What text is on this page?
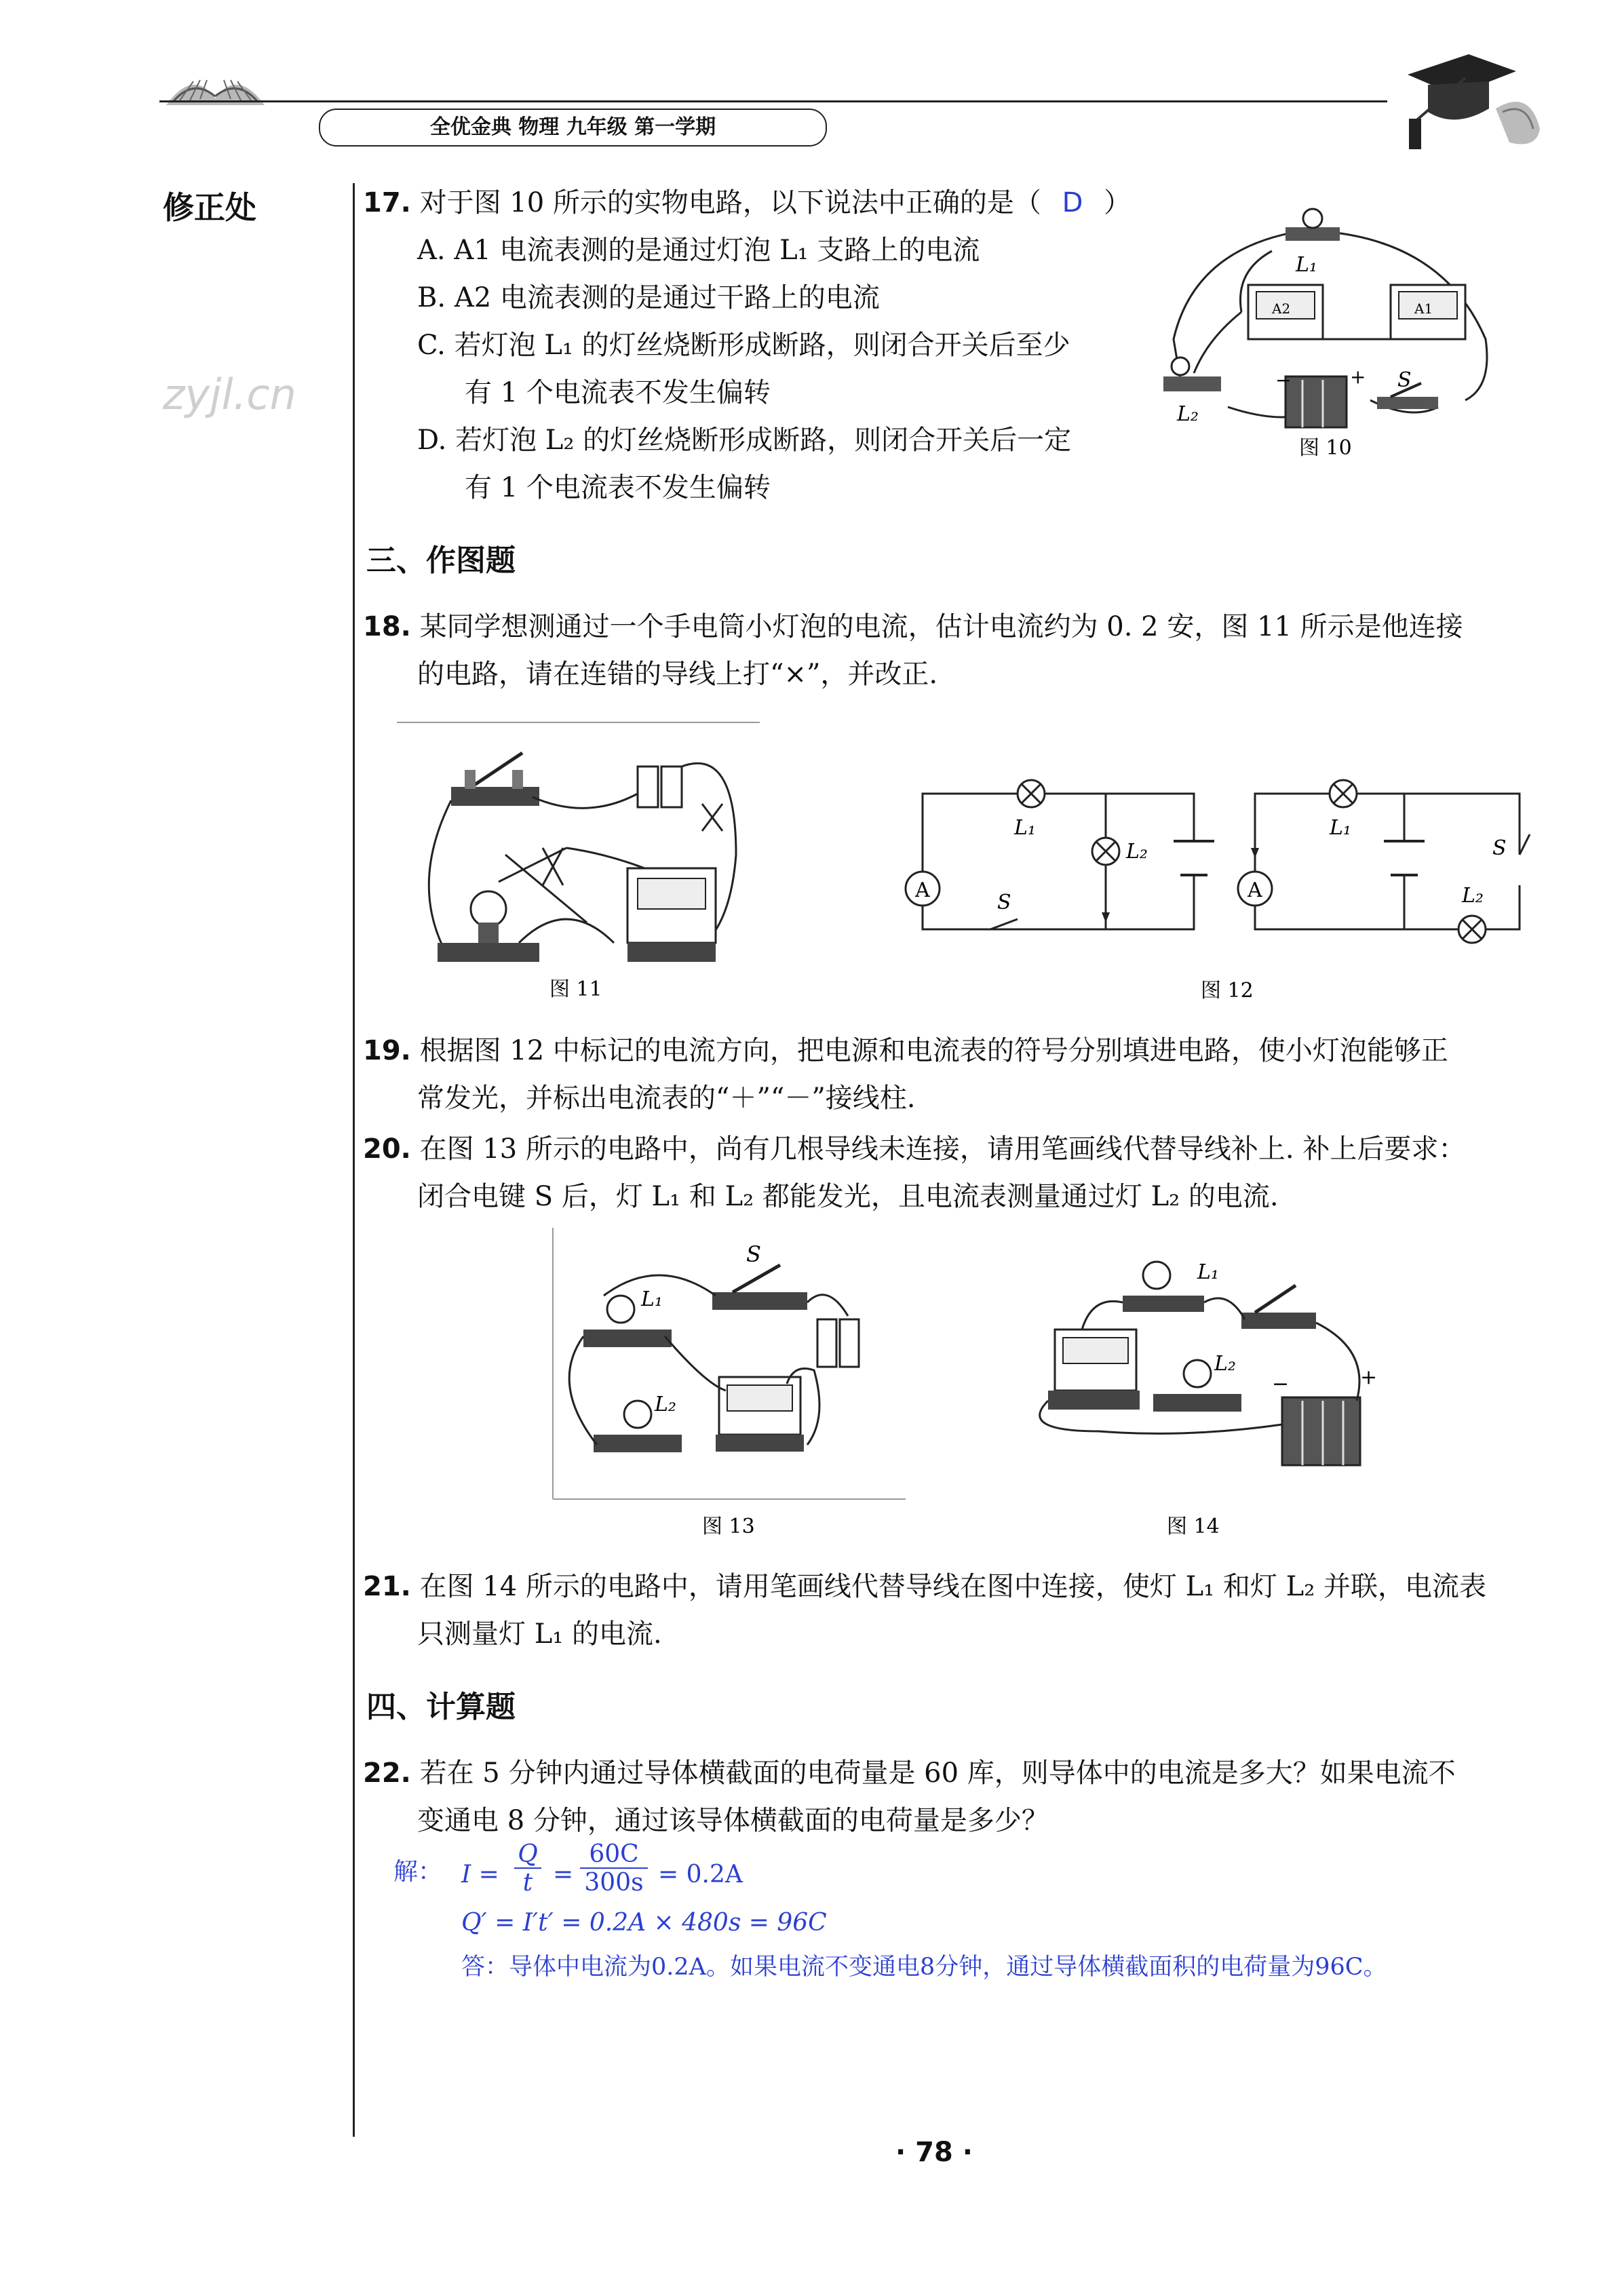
全优金典 物理 九年级 第一学期
修正处
zyjl.cn
17. 对于图 10 所示的实物电路，以下说法中正确的是（ D ）
A. A1 电流表测的是通过灯泡 L₁ 支路上的电流
B. A2 电流表测的是通过干路上的电流
C. 若灯泡 L₁ 的灯丝烧断形成断路，则闭合开关后至少
有 1 个电流表不发生偏转
D. 若灯泡 L₂ 的灯丝烧断形成断路，则闭合开关后一定
有 1 个电流表不发生偏转
L₁
A2	A1
L₂
−	+ S
图 10
三、作图题
18. 某同学想测通过一个手电筒小灯泡的电流，估计电流约为 0. 2 安，图 11 所示是他连接
的电路，请在连错的导线上打“×”，并改正.
图 11
A	A
L₁
L₂
S
L₁
L₂
S
图 12
19. 根据图 12 中标记的电流方向，把电源和电流表的符号分别填进电路，使小灯泡能够正
常发光，并标出电流表的“＋”“－”接线柱.
20. 在图 13 所示的电路中，尚有几根导线未连接，请用笔画线代替导线补上. 补上后要求：
闭合电键 S 后，灯 L₁ 和 L₂ 都能发光，且电流表测量通过灯 L₂ 的电流.
S
L₁
L₂
图 13
L₁
L₂
−	+
图 14
21. 在图 14 所示的电路中，请用笔画线代替导线在图中连接，使灯 L₁ 和灯 L₂ 并联，电流表
只测量灯 L₁ 的电流.
四、计算题
22. 若在 5 分钟内通过导体横截面的电荷量是 60 库，则导体中的电流是多大？如果电流不
变通电 8 分钟，通过该导体横截面的电荷量是多少？
解： I =
Q
t =
60C
300s = 0.2A
Q′ = I′t′ = 0.2A × 480s = 96C
答：导体中电流为0.2A。如果电流不变通电8分钟，通过导体横截面积的电荷量为96C。
· 78 ·
